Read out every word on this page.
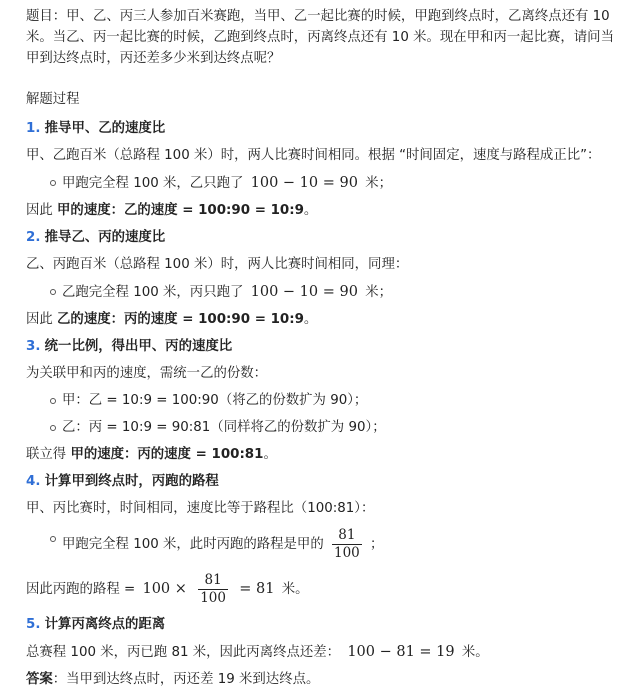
题目：甲、乙、丙三人参加百米赛跑，当甲、乙一起比赛的时候，甲跑到终点时，乙离终点还有 10

米。当乙、丙一起比赛的时候，乙跑到终点时，丙离终点还有 10 米。现在甲和丙一起比赛，请问当

甲到达终点时，丙还差多少米到达终点呢？

解题过程
1. 推导甲、乙的速度比
甲、乙跑百米（总路程 100 米）时，两人比赛时间相同。根据 “时间固定，速度与路程成正比”：
甲跑完全程 100 米，乙只跑了 100 − 10 = 90 米；
因此 甲的速度：乙的速度 = 100:90 = 10:9。
2. 推导乙、丙的速度比
乙、丙跑百米（总路程 100 米）时，两人比赛时间相同，同理：
乙跑完全程 100 米，丙只跑了 100 − 10 = 90 米；
因此 乙的速度：丙的速度 = 100:90 = 10:9。
3. 统一比例，得出甲、丙的速度比
为关联甲和丙的速度，需统一乙的份数：
甲：乙 = 10:9 = 100:90（将乙的份数扩为 90）；
乙：丙 = 10:9 = 90:81（同样将乙的份数扩为 90）；
联立得 甲的速度：丙的速度 = 100:81。
4. 计算甲到终点时，丙跑的路程
甲、丙比赛时，时间相同，速度比等于路程比（100:81）：
甲跑完全程 100 米，此时丙跑的路程是甲的 $\frac{81}{100}$ ；
因此丙跑的路程 = $100 \times \frac{81}{100} = 81$ 米。
5. 计算丙离终点的距离
总赛程 100 米，丙已跑 81 米，因此丙离终点还差： 100 − 81 = 19 米。
答案：当甲到达终点时，丙还差 19 米到达终点。
